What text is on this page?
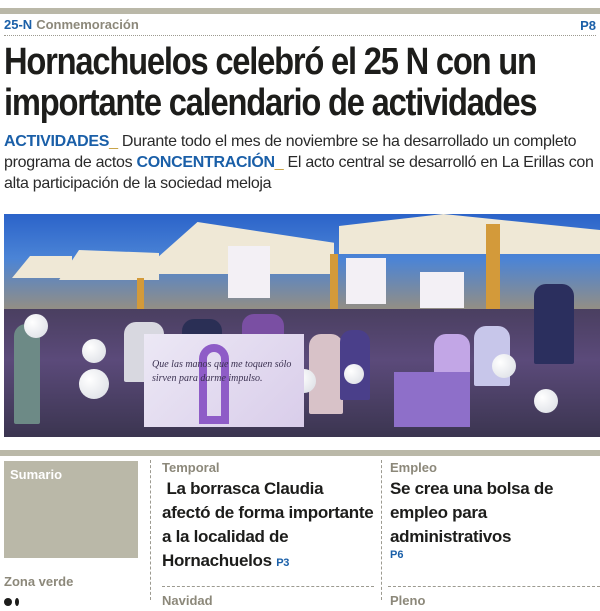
25-N Conmemoración	P8
Hornachuelos celebró el 25 N con un importante calendario de actividades

ACTIVIDADES_ Durante todo el mes de noviembre se ha desarrollado un completo programa de actos CONCENTRACIÓN_ El acto central se desarrolló en La Erillas con alta participación de la sociedad meloja

Que las manos que me toquen sólo sirven para darme impulso.
Sumario
Zona verde
Temporal
La borrasca Claudia afectó de forma importante a la localidad de Hornachuelos P3
Empleo
Se crea una bolsa de empleo para administrativos
P6
Navidad	Pleno
